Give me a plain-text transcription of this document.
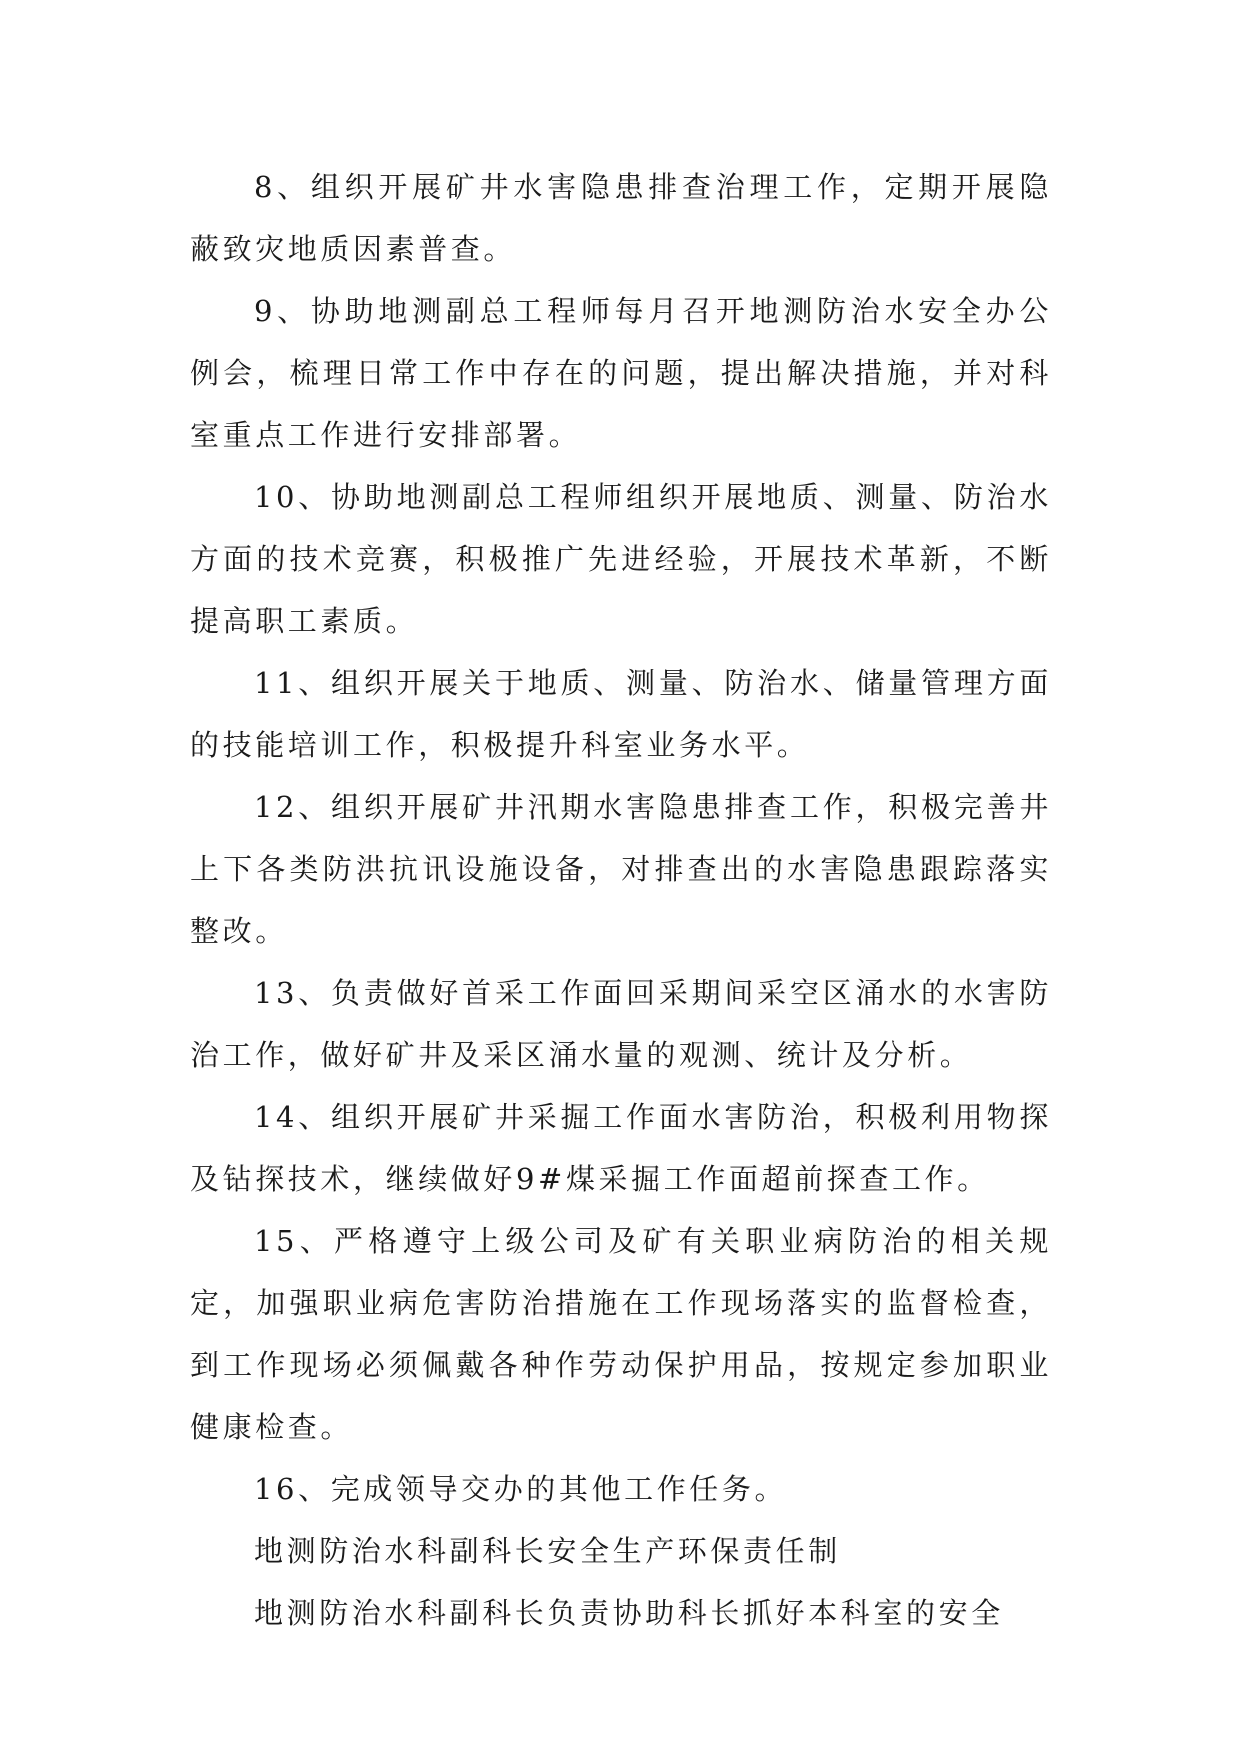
8、组织开展矿井水害隐患排查治理工作，定期开展隐蔽致灾地质因素普查。

9、协助地测副总工程师每月召开地测防治水安全办公例会，梳理日常工作中存在的问题，提出解决措施，并对科室重点工作进行安排部署。

10、协助地测副总工程师组织开展地质、测量、防治水方面的技术竞赛，积极推广先进经验，开展技术革新，不断提高职工素质。

11、组织开展关于地质、测量、防治水、储量管理方面的技能培训工作，积极提升科室业务水平。

12、组织开展矿井汛期水害隐患排查工作，积极完善井上下各类防洪抗讯设施设备，对排查出的水害隐患跟踪落实整改。

13、负责做好首采工作面回采期间采空区涌水的水害防治工作，做好矿井及采区涌水量的观测、统计及分析。

14、组织开展矿井采掘工作面水害防治，积极利用物探及钻探技术，继续做好9#煤采掘工作面超前探查工作。

15、严格遵守上级公司及矿有关职业病防治的相关规定，加强职业病危害防治措施在工作现场落实的监督检查，到工作现场必须佩戴各种作劳动保护用品，按规定参加职业健康检查。

16、完成领导交办的其他工作任务。

地测防治水科副科长安全生产环保责任制

地测防治水科副科长负责协助科长抓好本科室的安全
